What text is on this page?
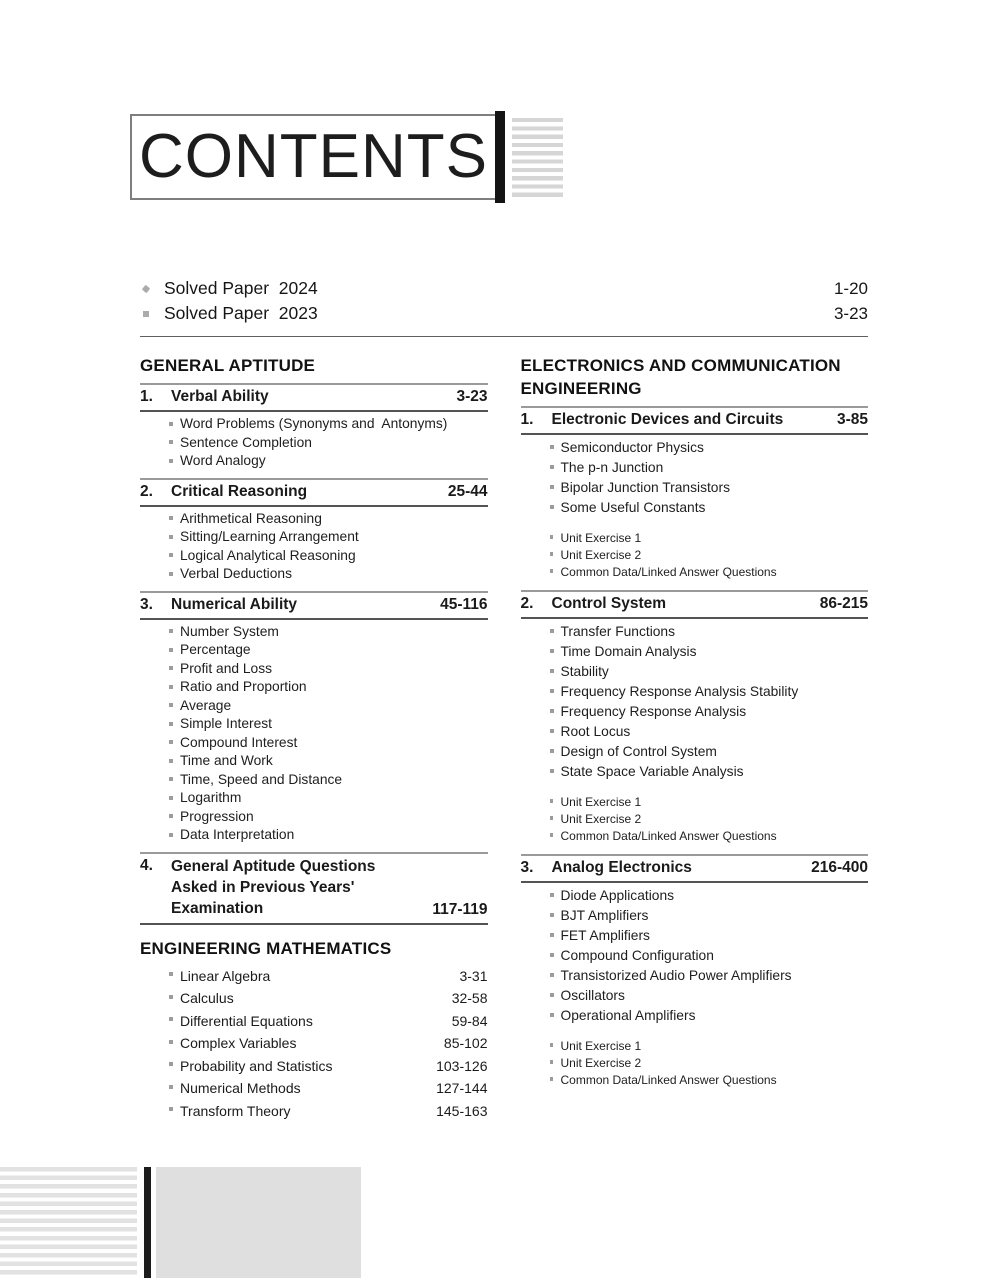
CONTENTS
Solved Paper  2024	1-20
Solved Paper  2023	3-23
GENERAL APTITUDE
1.	Verbal Ability	3-23
Word Problems (Synonyms and  Antonyms)
Sentence Completion
Word Analogy
2.	Critical Reasoning	25-44
Arithmetical Reasoning
Sitting/Learning Arrangement
Logical Analytical Reasoning
Verbal Deductions
3.	Numerical Ability	45-116
Number System
Percentage
Profit and Loss
Ratio and Proportion
Average
Simple Interest
Compound Interest
Time and Work
Time, Speed and Distance
Logarithm
Progression
Data Interpretation
4.	General Aptitude Questions Asked in Previous Years' Examination	117-119
ENGINEERING MATHEMATICS
Linear Algebra	3-31
Calculus	32-58
Differential Equations	59-84
Complex Variables	85-102
Probability and Statistics	103-126
Numerical Methods	127-144
Transform Theory	145-163
ELECTRONICS AND COMMUNICATION ENGINEERING
1.	Electronic Devices and Circuits	3-85
Semiconductor Physics
The p-n Junction
Bipolar Junction Transistors
Some Useful Constants
Unit Exercise 1
Unit Exercise 2
Common Data/Linked Answer Questions
2.	Control System	86-215
Transfer Functions
Time Domain Analysis
Stability
Frequency Response Analysis Stability
Frequency Response Analysis
Root Locus
Design of Control System
State Space Variable Analysis
Unit Exercise 1
Unit Exercise 2
Common Data/Linked Answer Questions
3.	Analog Electronics	216-400
Diode Applications
BJT Amplifiers
FET Amplifiers
Compound Configuration
Transistorized Audio Power Amplifiers
Oscillators
Operational Amplifiers
Unit Exercise 1
Unit Exercise 2
Common Data/Linked Answer Questions
